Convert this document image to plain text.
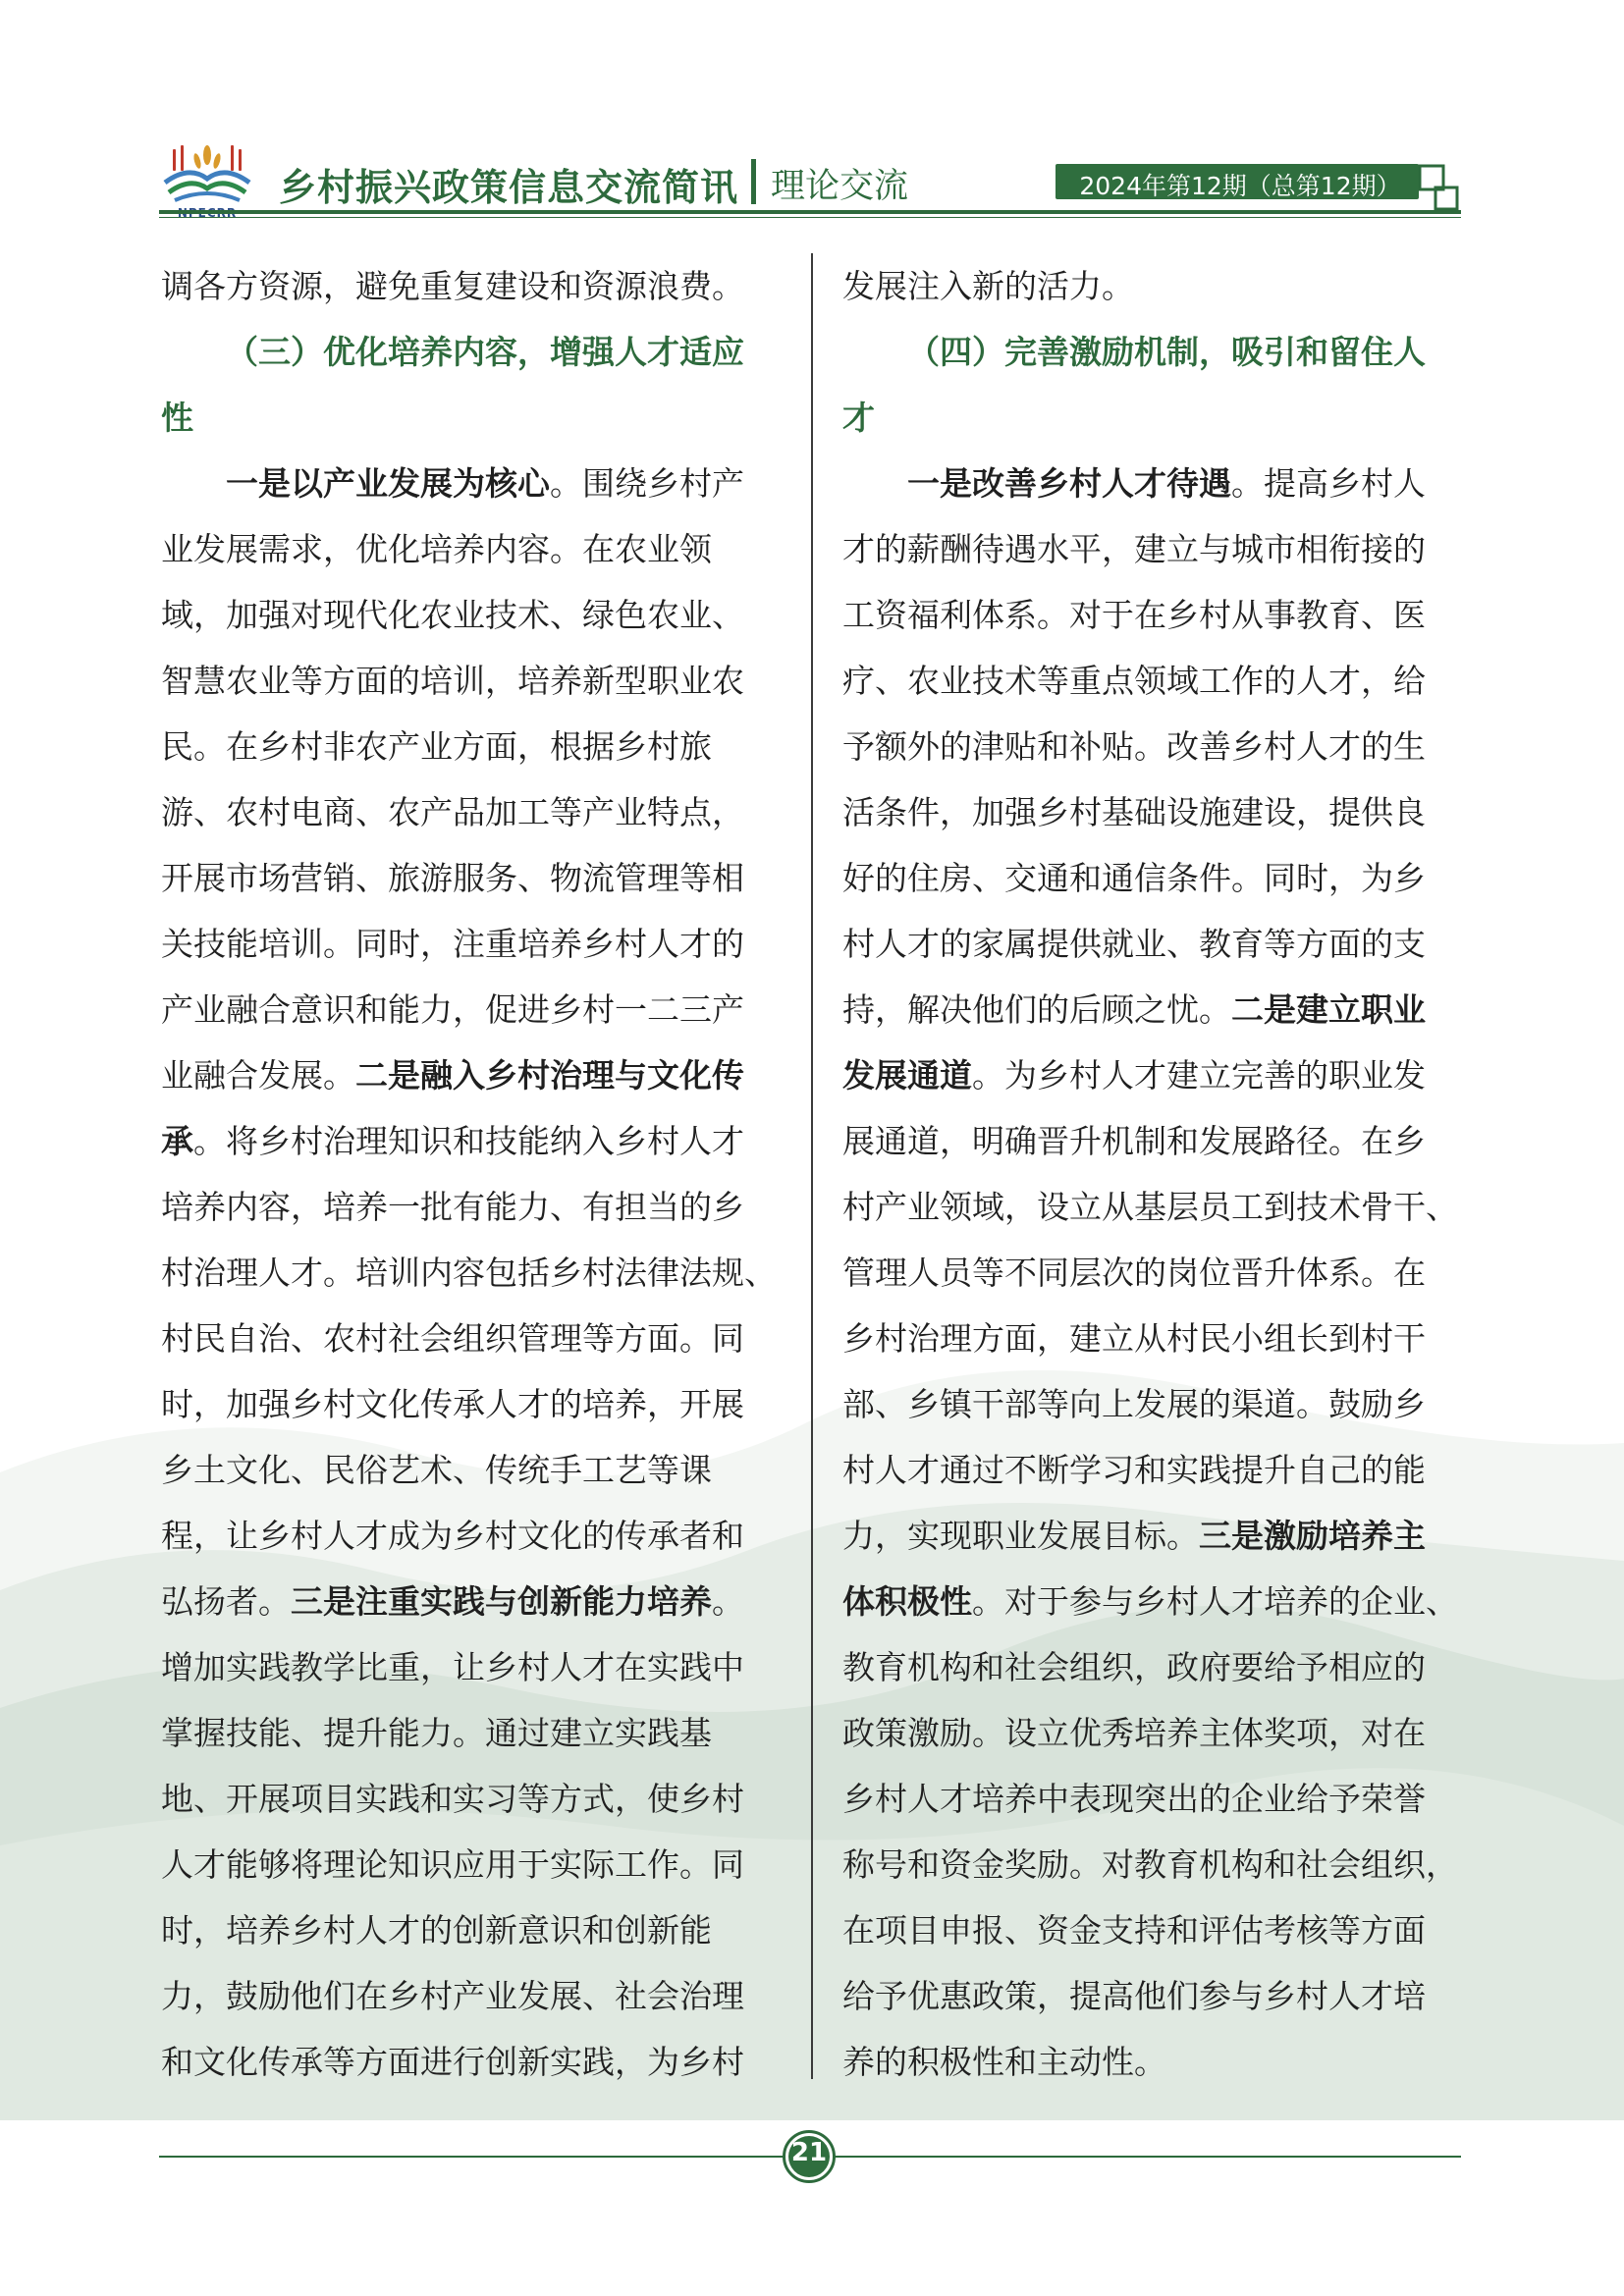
乡村振兴政策信息交流简讯 理论交流	2024年第12期（总第12期）
调各方资源，避免重复建设和资源浪费。
（三）优化培养内容，增强人才适应
性
一是以产业发展为核心。围绕乡村产
业发展需求，优化培养内容。在农业领
域，加强对现代化农业技术、绿色农业、
智慧农业等方面的培训，培养新型职业农
民。在乡村非农产业方面，根据乡村旅
游、农村电商、农产品加工等产业特点，
开展市场营销、旅游服务、物流管理等相
关技能培训。同时，注重培养乡村人才的
产业融合意识和能力，促进乡村一二三产
业融合发展。二是融入乡村治理与文化传
承。将乡村治理知识和技能纳入乡村人才
培养内容，培养一批有能力、有担当的乡
村治理人才。培训内容包括乡村法律法规、
村民自治、农村社会组织管理等方面。同
时，加强乡村文化传承人才的培养，开展
乡土文化、民俗艺术、传统手工艺等课
程，让乡村人才成为乡村文化的传承者和
弘扬者。三是注重实践与创新能力培养。
增加实践教学比重，让乡村人才在实践中
掌握技能、提升能力。通过建立实践基
地、开展项目实践和实习等方式，使乡村
人才能够将理论知识应用于实际工作。同
时，培养乡村人才的创新意识和创新能
力，鼓励他们在乡村产业发展、社会治理
和文化传承等方面进行创新实践，为乡村
发展注入新的活力。
（四）完善激励机制，吸引和留住人
才
一是改善乡村人才待遇。提高乡村人
才的薪酬待遇水平，建立与城市相衔接的
工资福利体系。对于在乡村从事教育、医
疗、农业技术等重点领域工作的人才，给
予额外的津贴和补贴。改善乡村人才的生
活条件，加强乡村基础设施建设，提供良
好的住房、交通和通信条件。同时，为乡
村人才的家属提供就业、教育等方面的支
持，解决他们的后顾之忧。二是建立职业
发展通道。为乡村人才建立完善的职业发
展通道，明确晋升机制和发展路径。在乡
村产业领域，设立从基层员工到技术骨干、
管理人员等不同层次的岗位晋升体系。在
乡村治理方面，建立从村民小组长到村干
部、乡镇干部等向上发展的渠道。鼓励乡
村人才通过不断学习和实践提升自己的能
力，实现职业发展目标。三是激励培养主
体积极性。对于参与乡村人才培养的企业、
教育机构和社会组织，政府要给予相应的
政策激励。设立优秀培养主体奖项，对在
乡村人才培养中表现突出的企业给予荣誉
称号和资金奖励。对教育机构和社会组织，
在项目申报、资金支持和评估考核等方面
给予优惠政策，提高他们参与乡村人才培
养的积极性和主动性。
21
